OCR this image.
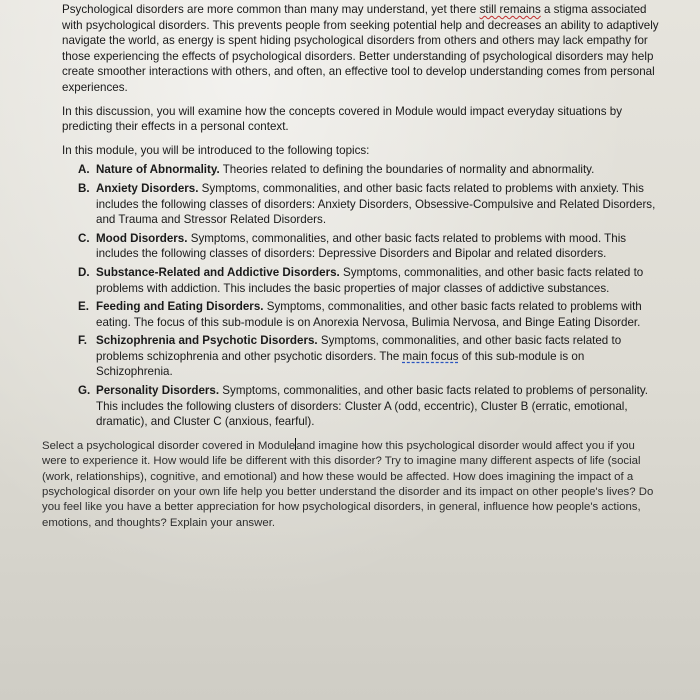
Psychological disorders are more common than many may understand, yet there still remains a stigma associated with psychological disorders. This prevents people from seeking potential help and decreases an ability to adaptively navigate the world, as energy is spent hiding psychological disorders from others and others may lack empathy for those experiencing the effects of psychological disorders. Better understanding of psychological disorders may help create smoother interactions with others, and often, an effective tool to develop understanding comes from personal experiences.

In this discussion, you will examine how the concepts covered in Module would impact everyday situations by predicting their effects in a personal context.

In this module, you will be introduced to the following topics:

A. Nature of Abnormality. Theories related to defining the boundaries of normality and abnormality.
B. Anxiety Disorders. Symptoms, commonalities, and other basic facts related to problems with anxiety. This includes the following classes of disorders: Anxiety Disorders, Obsessive-Compulsive and Related Disorders, and Trauma and Stressor Related Disorders.
C. Mood Disorders. Symptoms, commonalities, and other basic facts related to problems with mood. This includes the following classes of disorders: Depressive Disorders and Bipolar and related disorders.
D. Substance-Related and Addictive Disorders. Symptoms, commonalities, and other basic facts related to problems with addiction. This includes the basic properties of major classes of addictive substances.
E. Feeding and Eating Disorders. Symptoms, commonalities, and other basic facts related to problems with eating. The focus of this sub-module is on Anorexia Nervosa, Bulimia Nervosa, and Binge Eating Disorder.
F. Schizophrenia and Psychotic Disorders. Symptoms, commonalities, and other basic facts related to problems schizophrenia and other psychotic disorders. The main focus of this sub-module is on Schizophrenia.
G. Personality Disorders. Symptoms, commonalities, and other basic facts related to problems of personality. This includes the following clusters of disorders: Cluster A (odd, eccentric), Cluster B (erratic, emotional, dramatic), and Cluster C (anxious, fearful).

Select a psychological disorder covered in Moduleand imagine how this psychological disorder would affect you if you were to experience it. How would life be different with this disorder? Try to imagine many different aspects of life (social (work, relationships), cognitive, and emotional) and how these would be affected. How does imagining the impact of a psychological disorder on your own life help you better understand the disorder and its impact on other people's lives? Do you feel like you have a better appreciation for how psychological disorders, in general, influence how people's actions, emotions, and thoughts? Explain your answer.
